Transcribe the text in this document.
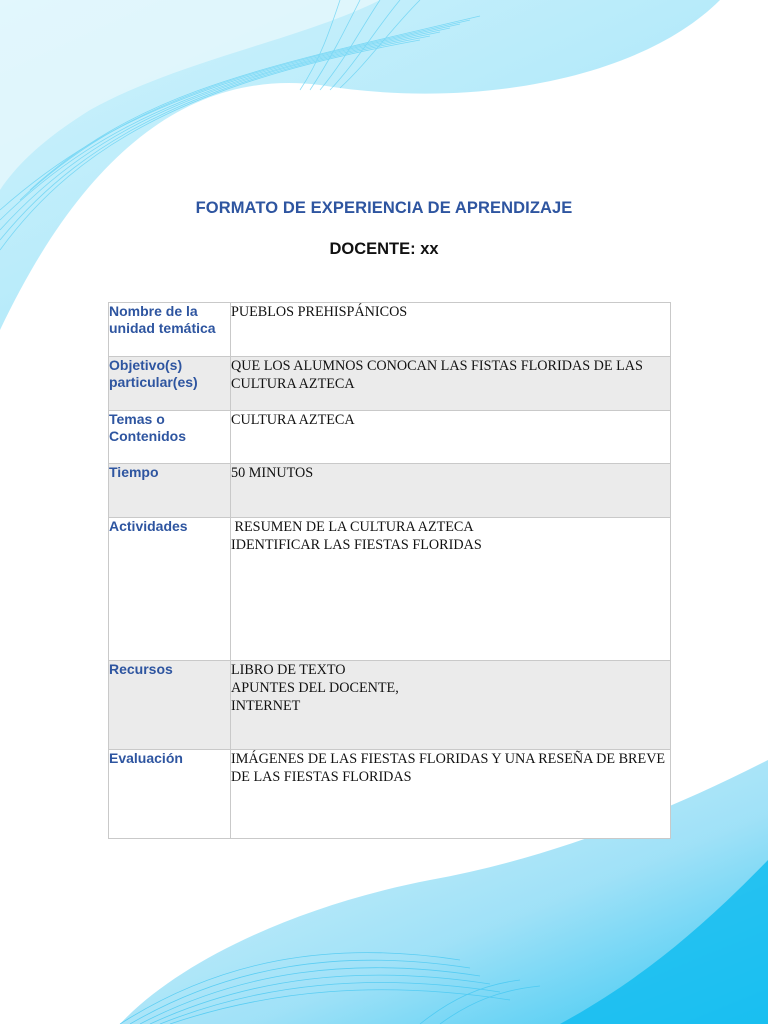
FORMATO DE EXPERIENCIA DE APRENDIZAJE
DOCENTE: xx
Nombre de la unidad temática	PUEBLOS PREHISPÁNICOS

Objetivo(s) particular(es)	QUE LOS ALUMNOS CONOCAN LAS FISTAS FLORIDAS DE LAS CULTURA AZTECA

Temas o Contenidos	CULTURA AZTECA

Tiempo	50 MINUTOS

Actividades	RESUMEN DE LA CULTURA AZTECA
IDENTIFICAR LAS FIESTAS FLORIDAS

Recursos	LIBRO DE TEXTO
APUNTES DEL DOCENTE,
INTERNET

Evaluación	IMÁGENES DE LAS FIESTAS FLORIDAS Y UNA RESEÑA DE BREVE DE LAS FIESTAS FLORIDAS
